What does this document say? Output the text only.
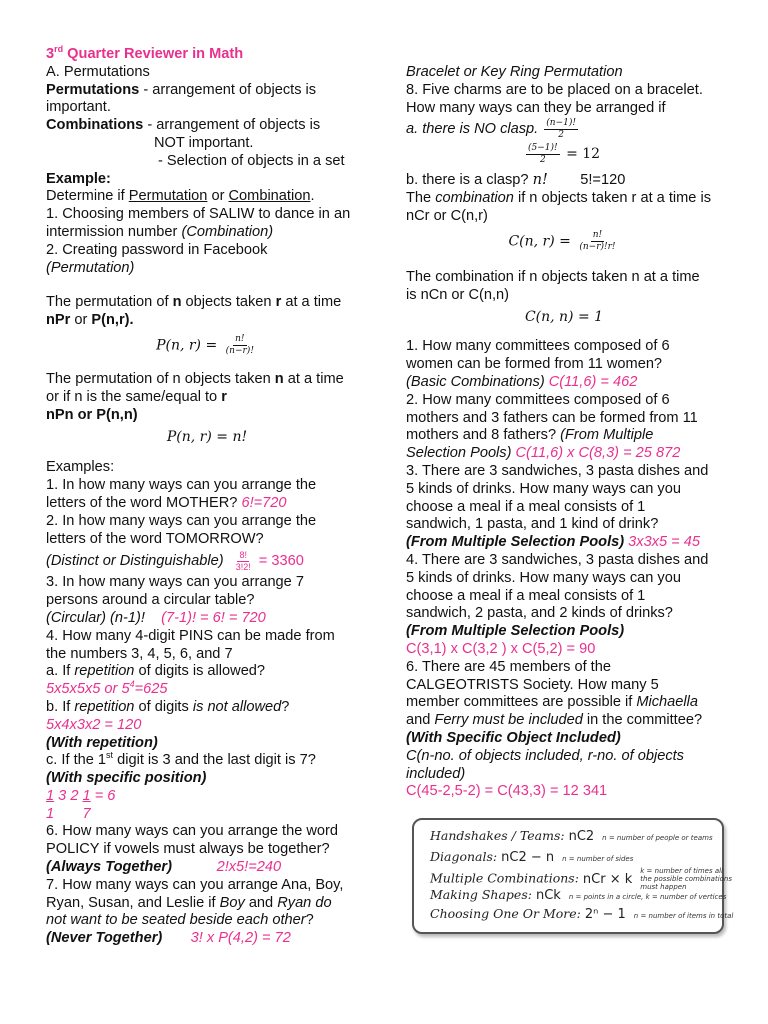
3rd Quarter Reviewer in Math
A. Permutations
Permutations - arrangement of objects is
important.
Combinations - arrangement of objects is
NOT important.
- Selection of objects in a set
Example:
Determine if Permutation or Combination.
1. Choosing members of SALIW to dance in an
intermission number (Combination)
2. Creating password in Facebook
(Permutation)
The permutation of n objects taken r at a time
nPr or P(n,r).
P(n, $r) = \frac{n!}{(n-r)!}$
The permutation of n objects taken n at a time
or if n is the same/equal to r
nPn or P(n,n)
P(n, r) = n!
Examples:
1. In how many ways can you arrange the
letters of the word MOTHER? 6!=720
2. In how many ways can you arrange the
letters of the word TOMORROW?
(Distinct or Distinguishable) $\frac{8!}{3!2!} = 3360$
3. In how many ways can you arrange 7
persons around a circular table?
(Circular) (n-1)! (7-1)! = 6! = 720
4. How many 4-digit PINS can be made from
the numbers 3, 4, 5, 6, and 7
a. If repetition of digits is allowed?
5x5x5x5 or $5^4=625$
b. If repetition of digits is not allowed?
5x4x3x2 = 120
(With repetition)
c. If the 1st digit is 3 and the last digit is 7?
(With specific position)
1 3 2 1 = 6
1 7
6. How many ways can you arrange the word
POLICY if vowels must always be together?
(Always Together)	2!x5!=240
7. How many ways can you arrange Ana, Boy,
Ryan, Susan, and Leslie if Boy and Ryan do
not want to be seated beside each other?
(Never Together) 3! x P(4,2) = 72
Bracelet or Key Ring Permutation
8. Five charms are to be placed on a bracelet.
How many ways can they be arranged if
a. there is NO clasp. $\frac{(n-1)!}{2}$
$\frac{(5-1)!}{2} = 12$
b. there is a clasp? n! 5!=120
The combination if n objects taken r at a time is
nCr or C(n,r)
C(n, $r) = \frac{n!}{(n-r)!r!}$
The combination if n objects taken n at a time
is nCn or C(n,n)
C(n, n) = 1
1. How many committees composed of 6
women can be formed from 11 women?
(Basic Combinations) C(11,6) = 462
2. How many committees composed of 6
mothers and 3 fathers can be formed from 11
mothers and 8 fathers? (From Multiple
Selection Pools) C(11,6) x C(8,3) = 25 872
3. There are 3 sandwiches, 3 pasta dishes and
5 kinds of drinks. How many ways can you
choose a meal if a meal consists of 1
sandwich, 1 pasta, and 1 kind of drink?
(From Multiple Selection Pools) 3x3x5 = 45
4. There are 3 sandwiches, 3 pasta dishes and
5 kinds of drinks. How many ways can you
choose a meal if a meal consists of 1
sandwich, 2 pasta, and 2 kinds of drinks?
(From Multiple Selection Pools)
C(3,1) x C(3,2 ) x C(5,2) = 90
6. There are 45 members of the
CALGEOTRISTS Society. How many 5
member committees are possible if Michaella
and Ferry must be included in the committee?
(With Specific Object Included)
C(n-no. of objects included, r-no. of objects
included)
C(45-2,5-2) = C(43,3) = 12 341
Handshakes / Teams: nC2 n = number of people or teams
Diagonals: nC2 − n n = number of sides
Multiple Combinations: nCr × kk = number of times all the possible combinations must happen
Making Shapes: nCk n = points in a circle, k = number of vertices
Choosing One Or More: 2ⁿ − 1 n = number of items in total
